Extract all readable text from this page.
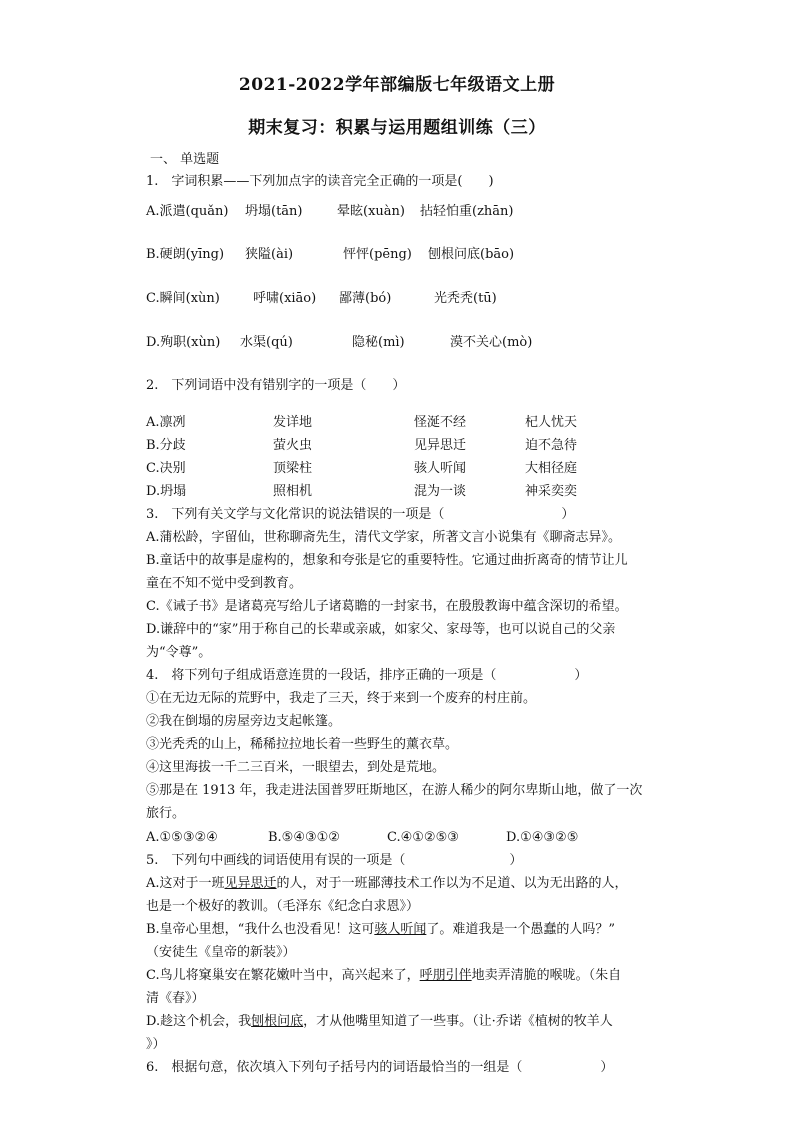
2021-2022学年部编版七年级语文上册
期末复习：积累与运用题组训练（三）
一、 单选题
1.　字词积累——下列加点字的读音完全正确的一项是(　　)
A.派遣(quǎn) 坍塌(tān)	晕眩(xuàn) 拈轻怕重(zhān)
B.硬朗(yīng) 狭隘(ài)	怦怦(pēng) 刨根问底(bāo)
C.瞬间(xùn)	呼啸(xiāo) 鄙薄(bó)	光秃秃(tū)
D.殉职(xùn) 水渠(qú)	隐秘(mì)	漠不关心(mò)
2.　下列词语中没有错别字的一项是（　　）
A.凛冽	发详地	怪涎不经	杞人忧天
B.分歧	萤火虫	见异思迁	迫不急待
C.决别	顶梁柱	骇人听闻	大相径庭
D.坍塌	照相机	混为一谈	神采奕奕
3.　下列有关文学与文化常识的说法错误的一项是（　　　　　　　　　）
A.蒲松龄，字留仙，世称聊斋先生，清代文学家，所著文言小说集有《聊斋志异》。
B.童话中的故事是虚构的，想象和夸张是它的重要特性。它通过曲折离奇的情节让儿
童在不知不觉中受到教育。
C.《诫子书》是诸葛亮写给儿子诸葛瞻的一封家书，在殷殷教诲中蕴含深切的希望。
D.谦辞中的“家”用于称自己的长辈或亲戚，如家父、家母等，也可以说自己的父亲
为“令尊”。
4.　将下列句子组成语意连贯的一段话，排序正确的一项是（　　　　　　）
①在无边无际的荒野中，我走了三天，终于来到一个废弃的村庄前。
②我在倒塌的房屋旁边支起帐篷。
③光秃秃的山上，稀稀拉拉地长着一些野生的薰衣草。
④这里海拔一千二三百米，一眼望去，到处是荒地。
⑤那是在 1913 年，我走进法国普罗旺斯地区，在游人稀少的阿尔卑斯山地，做了一次
旅行。
A.①⑤③②④	B.⑤④③①②	C.④①②⑤③	D.①④③②⑤
5.　下列句中画线的词语使用有误的一项是（　　　　　　　　）
A.这对于一班见异思迁的人，对于一班鄙薄技术工作以为不足道、以为无出路的人，
也是一个极好的教训。（毛泽东《纪念白求恩》）
B.皇帝心里想，“我什么也没看见！这可骇人听闻了。难道我是一个愚蠢的人吗？”
（安徒生《皇帝的新装》）
C.鸟儿将窠巢安在繁花嫩叶当中，高兴起来了，呼朋引伴地卖弄清脆的喉咙。（朱自
清《春》）
D.趁这个机会，我刨根问底，才从他嘴里知道了一些事。（让·乔诺《植树的牧羊人
》）
6.　根据句意，依次填入下列句子括号内的词语最恰当的一组是（　　　　　　）
